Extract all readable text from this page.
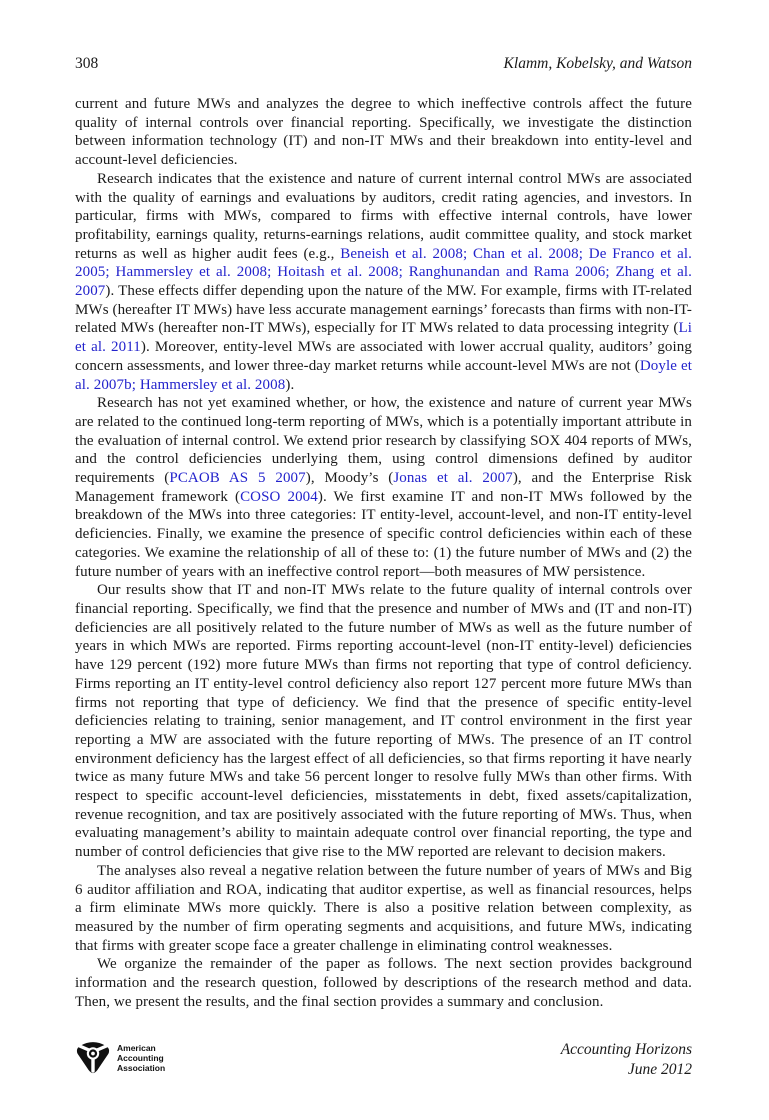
308	Klamm, Kobelsky, and Watson

current and future MWs and analyzes the degree to which ineffective controls affect the future quality of internal controls over financial reporting. Specifically, we investigate the distinction between information technology (IT) and non-IT MWs and their breakdown into entity-level and account-level deficiencies.

Research indicates that the existence and nature of current internal control MWs are associated with the quality of earnings and evaluations by auditors, credit rating agencies, and investors. In particular, firms with MWs, compared to firms with effective internal controls, have lower profitability, earnings quality, returns-earnings relations, audit committee quality, and stock market returns as well as higher audit fees (e.g., Beneish et al. 2008; Chan et al. 2008; De Franco et al. 2005; Hammersley et al. 2008; Hoitash et al. 2008; Ranghunandan and Rama 2006; Zhang et al. 2007). These effects differ depending upon the nature of the MW. For example, firms with IT-related MWs (hereafter IT MWs) have less accurate management earnings’ forecasts than firms with non-IT-related MWs (hereafter non-IT MWs), especially for IT MWs related to data processing integrity (Li et al. 2011). Moreover, entity-level MWs are associated with lower accrual quality, auditors’ going concern assessments, and lower three-day market returns while account-level MWs are not (Doyle et al. 2007b; Hammersley et al. 2008).

Research has not yet examined whether, or how, the existence and nature of current year MWs are related to the continued long-term reporting of MWs, which is a potentially important attribute in the evaluation of internal control. We extend prior research by classifying SOX 404 reports of MWs, and the control deficiencies underlying them, using control dimensions defined by auditor requirements (PCAOB AS 5 2007), Moody’s (Jonas et al. 2007), and the Enterprise Risk Management framework (COSO 2004). We first examine IT and non-IT MWs followed by the breakdown of the MWs into three categories: IT entity-level, account-level, and non-IT entity-level deficiencies. Finally, we examine the presence of specific control deficiencies within each of these categories. We examine the relationship of all of these to: (1) the future number of MWs and (2) the future number of years with an ineffective control report—both measures of MW persistence.

Our results show that IT and non-IT MWs relate to the future quality of internal controls over financial reporting. Specifically, we find that the presence and number of MWs and (IT and non-IT) deficiencies are all positively related to the future number of MWs as well as the future number of years in which MWs are reported. Firms reporting account-level (non-IT entity-level) deficiencies have 129 percent (192) more future MWs than firms not reporting that type of control deficiency. Firms reporting an IT entity-level control deficiency also report 127 percent more future MWs than firms not reporting that type of deficiency. We find that the presence of specific entity-level deficiencies relating to training, senior management, and IT control environment in the first year reporting a MW are associated with the future reporting of MWs. The presence of an IT control environment deficiency has the largest effect of all deficiencies, so that firms reporting it have nearly twice as many future MWs and take 56 percent longer to resolve fully MWs than other firms. With respect to specific account-level deficiencies, misstatements in debt, fixed assets/capitalization, revenue recognition, and tax are positively associated with the future reporting of MWs. Thus, when evaluating management’s ability to maintain adequate control over financial reporting, the type and number of control deficiencies that give rise to the MW reported are relevant to decision makers.

The analyses also reveal a negative relation between the future number of years of MWs and Big 6 auditor affiliation and ROA, indicating that auditor expertise, as well as financial resources, helps a firm eliminate MWs more quickly. There is also a positive relation between complexity, as measured by the number of firm operating segments and acquisitions, and future MWs, indicating that firms with greater scope face a greater challenge in eliminating control weaknesses.

We organize the remainder of the paper as follows. The next section provides background information and the research question, followed by descriptions of the research method and data. Then, we present the results, and the final section provides a summary and conclusion.

American
Accounting
Association
Accounting Horizons
June 2012
